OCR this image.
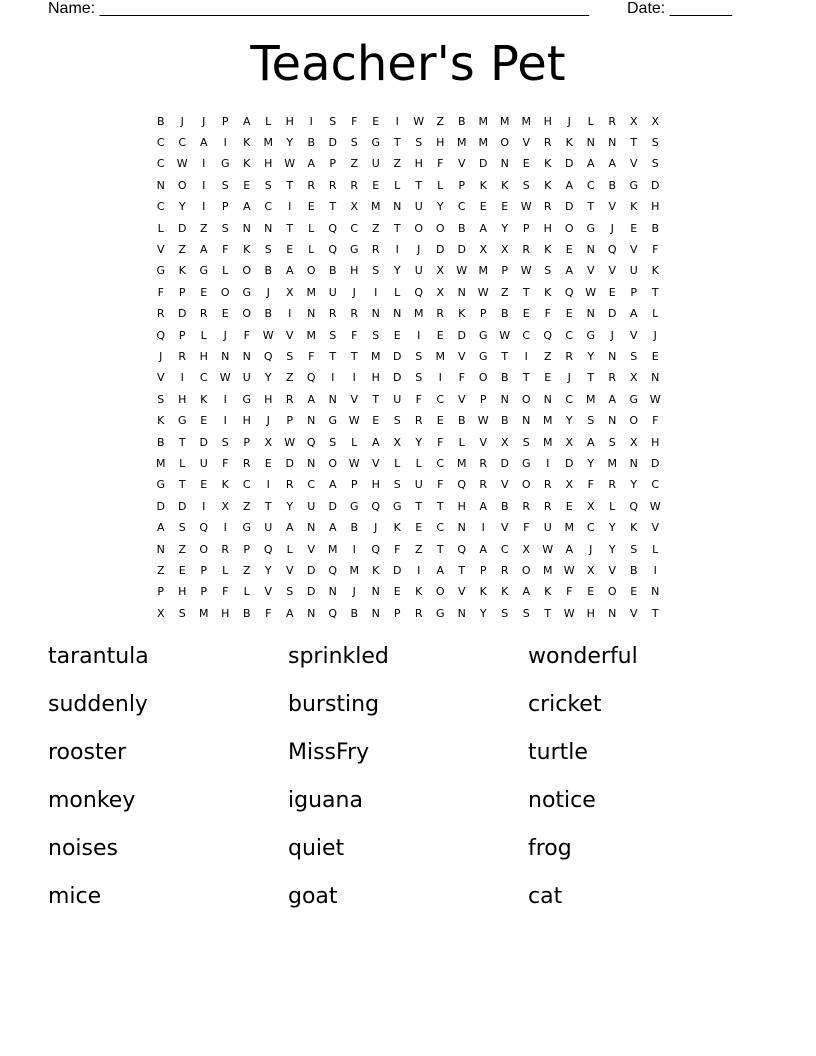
Name: _______________________________________________________

Date: _______

Teacher's Pet
B	J	J	P	A	L	H	I	S	F	E	I	W	Z	B	M	M	M	H	J	L	R	X	X
C	C	A	I	K	M	Y	B	D	S	G	T	S	H	M	M	O	V	R	K	N	N	T	S
C	W	I	G	K	H	W	A	P	Z	U	Z	H	F	V	D	N	E	K	D	A	A	V	S
N	O	I	S	E	S	T	R	R	R	E	L	T	L	P	K	K	S	K	A	C	B	G	D
C	Y	I	P	A	C	I	E	T	X	M	N	U	Y	C	E	E	W	R	D	T	V	K	H
L	D	Z	S	N	N	T	L	Q	C	Z	T	O	O	B	A	Y	P	H	O	G	J	E	B
V	Z	A	F	K	S	E	L	Q	G	R	I	J	D	D	X	X	R	K	E	N	Q	V	F
G	K	G	L	O	B	A	O	B	H	S	Y	U	X	W	M	P	W	S	A	V	V	U	K
F	P	E	O	G	J	X	M	U	J	I	L	Q	X	N	W	Z	T	K	Q	W	E	P	T
R	D	R	E	O	B	I	N	R	R	N	N	M	R	K	P	B	E	F	E	N	D	A	L
Q	P	L	J	F	W	V	M	S	F	S	E	I	E	D	G	W	C	Q	C	G	J	V	J
J	R	H	N	N	Q	S	F	T	T	M	D	S	M	V	G	T	I	Z	R	Y	N	S	E
V	I	C	W	U	Y	Z	Q	I	I	H	D	S	I	F	O	B	T	E	J	T	R	X	N
S	H	K	I	G	H	R	A	N	V	T	U	F	C	V	P	N	O	N	C	M	A	G	W
K	G	E	I	H	J	P	N	G	W	E	S	R	E	B	W	B	N	M	Y	S	N	O	F
B	T	D	S	P	X	W	Q	S	L	A	X	Y	F	L	V	X	S	M	X	A	S	X	H
M	L	U	F	R	E	D	N	O	W	V	L	L	C	M	R	D	G	I	D	Y	M	N	D
G	T	E	K	C	I	R	C	A	P	H	S	U	F	Q	R	V	O	R	X	F	R	Y	C
D	D	I	X	Z	T	Y	U	D	G	Q	G	T	T	H	A	B	R	R	E	X	L	Q	W
A	S	Q	I	G	U	A	N	A	B	J	K	E	C	N	I	V	F	U	M	C	Y	K	V
N	Z	O	R	P	Q	L	V	M	I	Q	F	Z	T	Q	A	C	X	W	A	J	Y	S	L
Z	E	P	L	Z	Y	V	D	Q	M	K	D	I	A	T	P	R	O	M	W	X	V	B	I
P	H	P	F	L	V	S	D	N	J	N	E	K	O	V	K	K	A	K	F	E	O	E	N
X	S	M	H	B	F	A	N	Q	B	N	P	R	G	N	Y	S	S	T	W	H	N	V	T
tarantula	sprinkled	wonderful
suddenly	bursting	cricket
rooster	MissFry	turtle
monkey	iguana	notice
noises	quiet	frog
mice	goat	cat
